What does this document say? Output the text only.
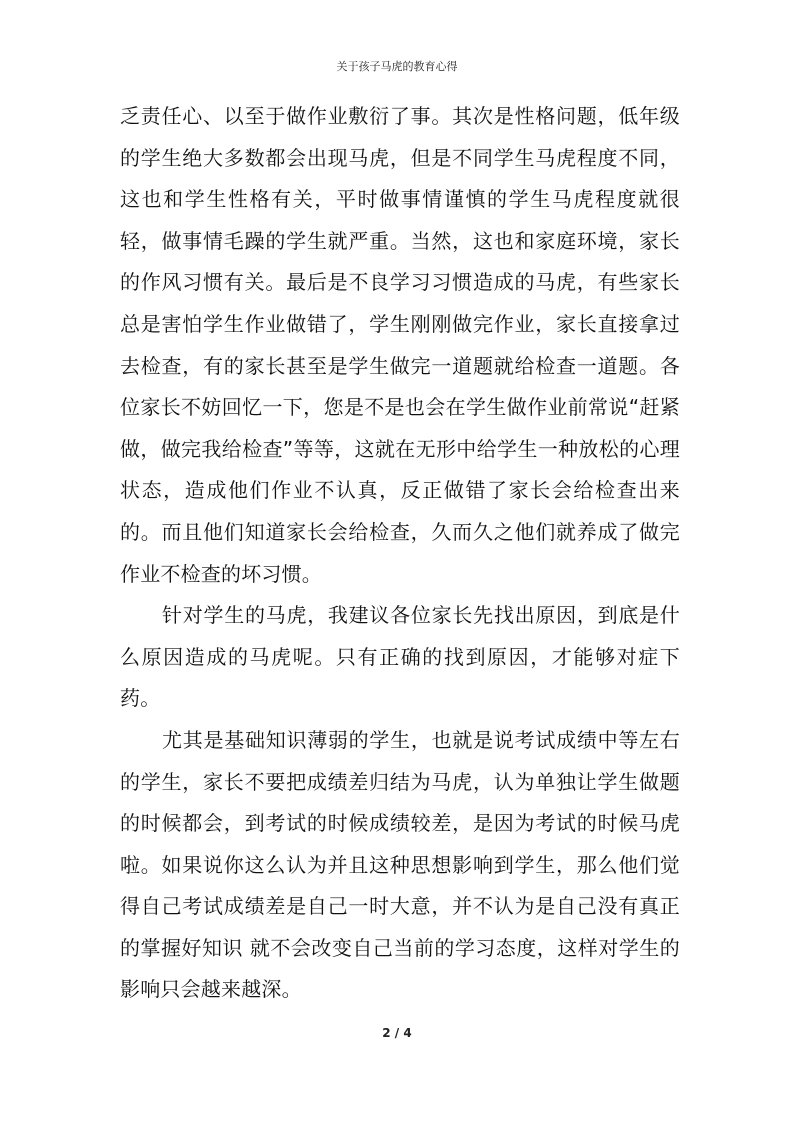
关于孩子马虎的教育心得

乏责任心、以至于做作业敷衍了事。其次是性格问题，低年级的学生绝大多数都会出现马虎，但是不同学生马虎程度不同，这也和学生性格有关，平时做事情谨慎的学生马虎程度就很轻，做事情毛躁的学生就严重。当然，这也和家庭环境，家长的作风习惯有关。最后是不良学习习惯造成的马虎，有些家长总是害怕学生作业做错了，学生刚刚做完作业，家长直接拿过去检查，有的家长甚至是学生做完一道题就给检查一道题。各位家长不妨回忆一下，您是不是也会在学生做作业前常说“赶紧做，做完我给检查”等等，这就在无形中给学生一种放松的心理状态，造成他们作业不认真，反正做错了家长会给检查出来的。而且他们知道家长会给检查，久而久之他们就养成了做完作业不检查的坏习惯。

针对学生的马虎，我建议各位家长先找出原因，到底是什么原因造成的马虎呢。只有正确的找到原因，才能够对症下药。

尤其是基础知识薄弱的学生，也就是说考试成绩中等左右的学生，家长不要把成绩差归结为马虎，认为单独让学生做题的时候都会，到考试的时候成绩较差，是因为考试的时候马虎啦。如果说你这么认为并且这种思想影响到学生，那么他们觉得自己考试成绩差是自己一时大意，并不认为是自己没有真正的掌握好知识 就不会改变自己当前的学习态度，这样对学生的影响只会越来越深。

2 / 4
